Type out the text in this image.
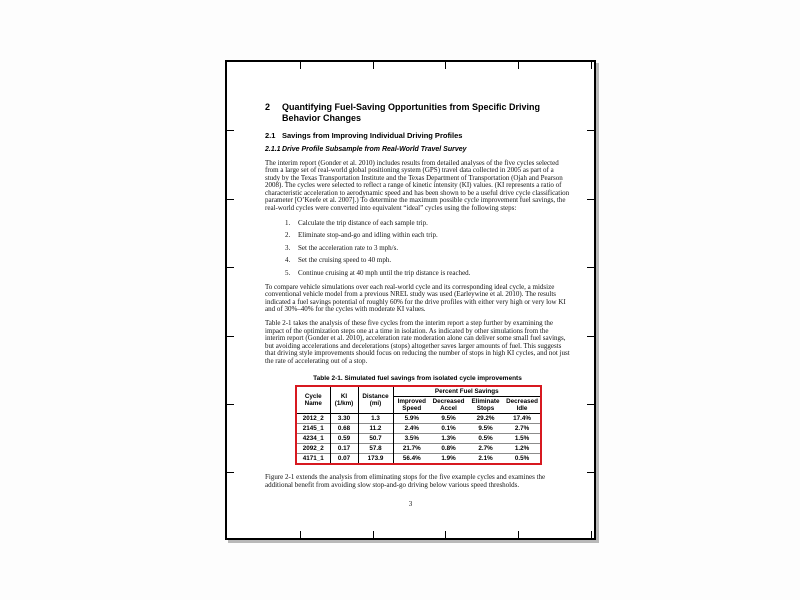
2	Quantifying Fuel-Saving Opportunities from Specific Driving Behavior Changes
2.1 Savings from Improving Individual Driving Profiles
2.1.1 Drive Profile Subsample from Real-World Travel Survey

The interim report (Gonder et al. 2010) includes results from detailed analyses of the five cycles selected from a large set of real-world global positioning system (GPS) travel data collected in 2005 as part of a study by the Texas Transportation Institute and the Texas Department of Transportation (Ojah and Pearson 2008). The cycles were selected to reflect a range of kinetic intensity (KI) values. (KI represents a ratio of characteristic acceleration to aerodynamic speed and has been shown to be a useful drive cycle classification parameter [O’Keefe et al. 2007].) To determine the maximum possible cycle improvement fuel savings, the real-world cycles were converted into equivalent “ideal” cycles using the following steps:

1.	Calculate the trip distance of each sample trip.
2.	Eliminate stop-and-go and idling within each trip.
3.	Set the acceleration rate to 3 mph/s.
4.	Set the cruising speed to 40 mph.
5.	Continue cruising at 40 mph until the trip distance is reached.

To compare vehicle simulations over each real-world cycle and its corresponding ideal cycle, a midsize conventional vehicle model from a previous NREL study was used (Earleywine et al. 2010). The results indicated a fuel savings potential of roughly 60% for the drive profiles with either very high or very low KI and of 30%–40% for the cycles with moderate KI values.

Table 2-1 takes the analysis of these five cycles from the interim report a step further by examining the impact of the optimization steps one at a time in isolation. As indicated by other simulations from the interim report (Gonder et al. 2010), acceleration rate moderation alone can deliver some small fuel savings, but avoiding accelerations and decelerations (stops) altogether saves larger amounts of fuel. This suggests that driving style improvements should focus on reducing the number of stops in high KI cycles, and not just the rate of accelerating out of a stop.

Table 2-1. Simulated fuel savings from isolated cycle improvements
Cycle Name	KI (1/km)	Distance (mi)	Percent Fuel Savings			
			Improved Speed	Decreased Accel	Eliminate Stops	Decreased Idle
2012_2	3.30	1.3	5.9%	9.5%	29.2%	17.4%
2145_1	0.68	11.2	2.4%	0.1%	9.5%	2.7%
4234_1	0.59	50.7	3.5%	1.3%	0.5%	1.5%
2092_2	0.17	57.8	21.7%	0.8%	2.7%	1.2%
4171_1	0.07	173.9	56.4%	1.9%	2.1%	0.5%

Figure 2-1 extends the analysis from eliminating stops for the five example cycles and examines the additional benefit from avoiding slow stop-and-go driving below various speed thresholds.

3
